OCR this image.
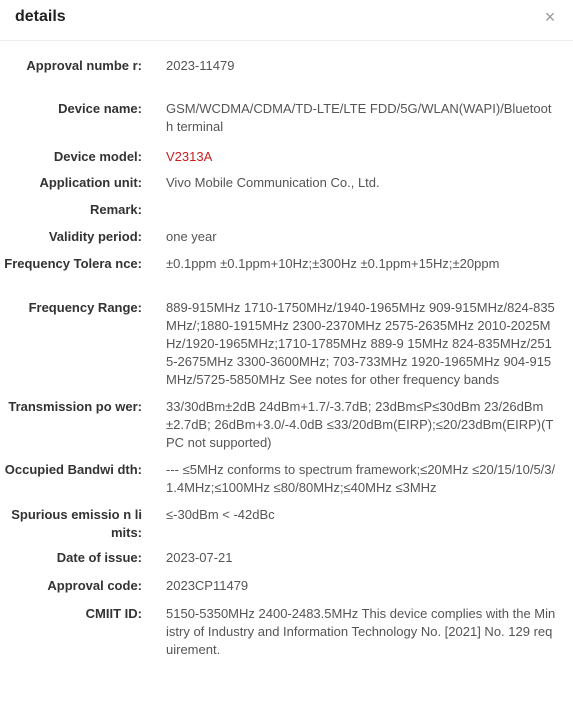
details	×
Approval numbe r:	2023-11479
Device name:	GSM/WCDMA/CDMA/TD-LTE/LTE FDD/5G/WLAN(WAPI)/Bluetooth terminal
Device model:	V2313A
Application unit:	Vivo Mobile Communication Co., Ltd.
Remark:
Validity period:	one year
Frequency Tolera nce:	±0.1ppm ±0.1ppm+10Hz;±300Hz ±0.1ppm+15Hz;±20ppm
Frequency Range:	889-915MHz 1710-1750MHz/1940-1965MHz 909-915MHz/824-835MHz/;1880-1915MHz 2300-2370MHz 2575-2635MHz 2010-2025MHz/1920-1965MHz;1710-1785MHz 889-9 15MHz 824-835MHz/2515-2675MHz 3300-3600MHz; 703-733MHz 1920-1965MHz 904-915MHz/5725-5850MHz See notes for other frequency bands
Transmission po wer:	33/30dBm±2dB 24dBm+1.7/-3.7dB; 23dBm≤P≤30dBm 23/26dBm±2.7dB; 26dBm+3.0/-4.0dB ≤33/20dBm(EIRP);≤20/23dBm(EIRP)(TPC not supported)
Occupied Bandwi dth:	--- ≤5MHz conforms to spectrum framework;≤20MHz ≤20/15/10/5/3/1.4MHz;≤100MHz ≤80/80MHz;≤40MHz ≤3MHz
Spurious emissio n limits:
≤-30dBm < -42dBc
Date of issue:	2023-07-21
Approval code:	2023CP11479
CMIIT ID:	5150-5350MHz 2400-2483.5MHz This device complies with the Ministry of Industry and Information Technology No. [2021] No. 129 requirement.
